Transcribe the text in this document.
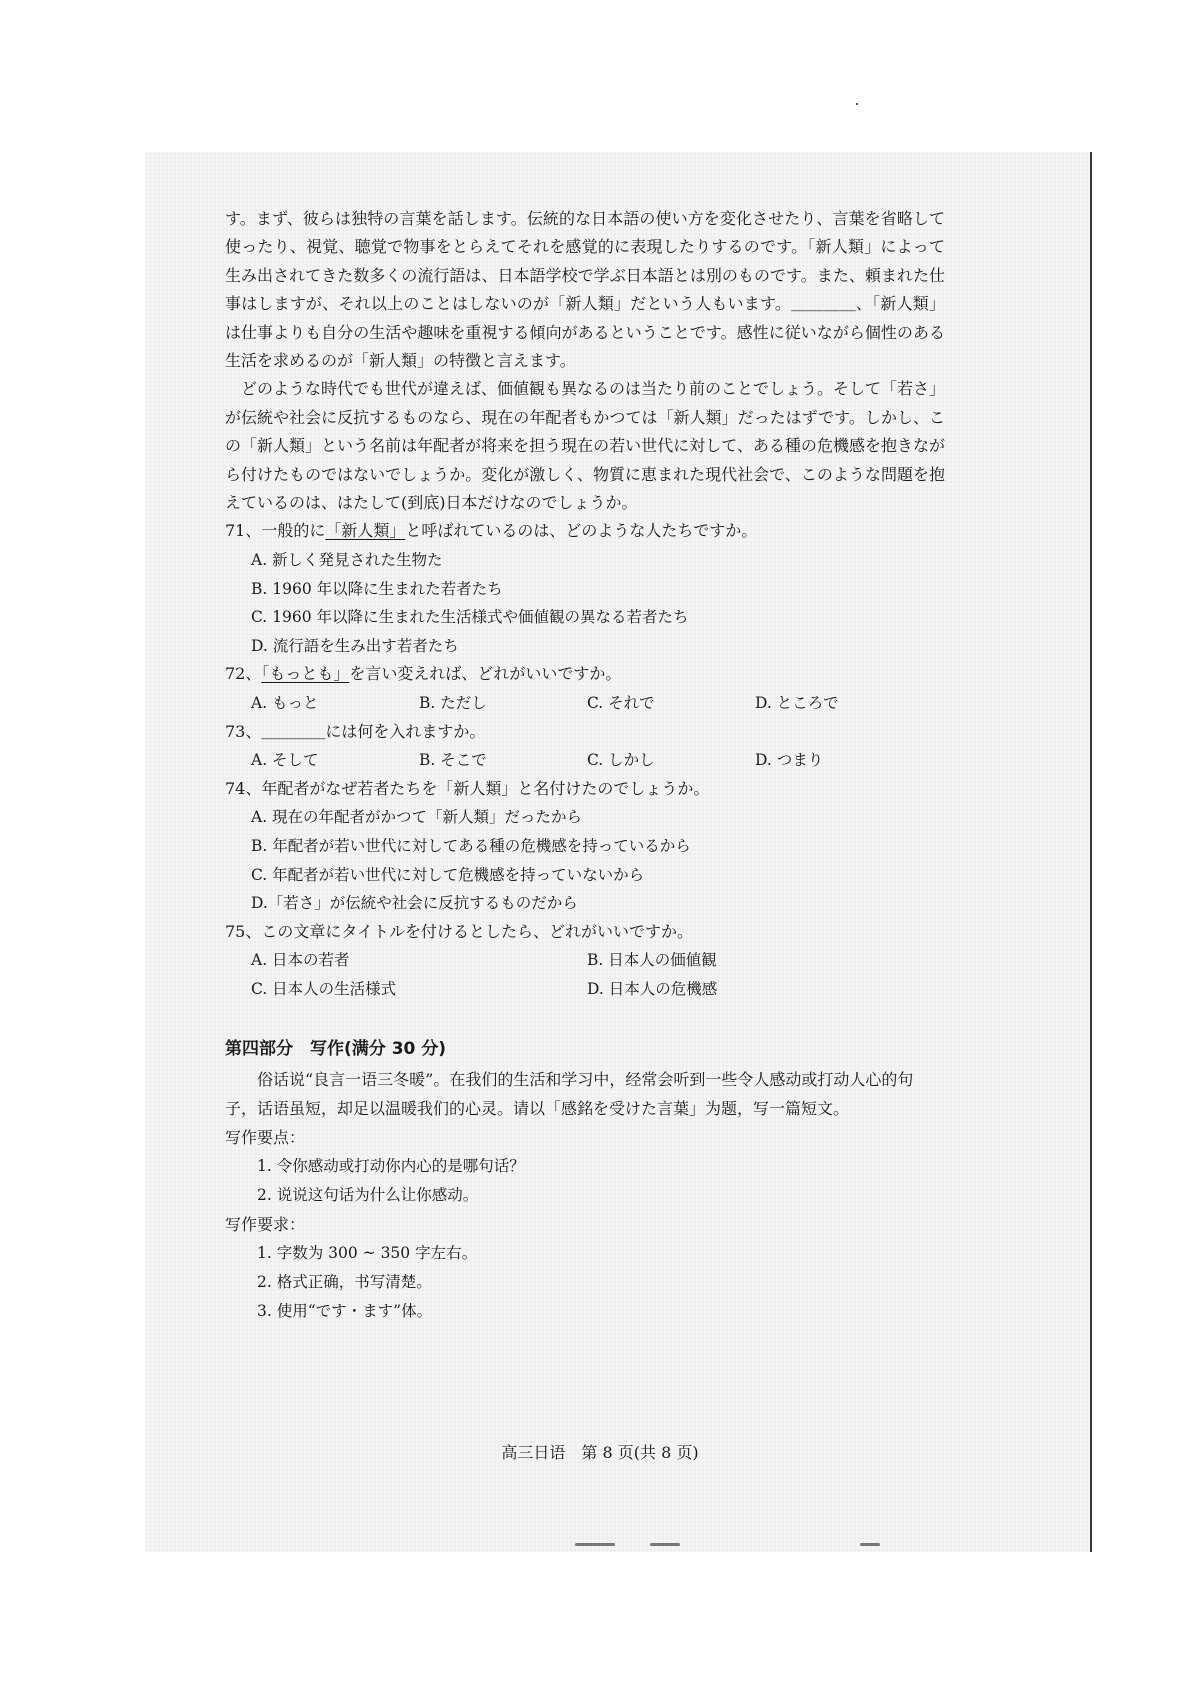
す。まず、彼らは独特の言葉を話します。伝統的な日本語の使い方を変化させたり、言葉を省略して使ったり、視覚、聴覚で物事をとらえてそれを感覚的に表現したりするのです。「新人類」によって生み出されてきた数多くの流行語は、日本語学校で学ぶ日本語とは別のものです。また、頼まれた仕事はしますが、それ以上のことはしないのが「新人類」だという人もいます。＿＿＿＿、「新人類」は仕事よりも自分の生活や趣味を重視する傾向があるということです。感性に従いながら個性のある生活を求めるのが「新人類」の特徴と言えます。

　どのような時代でも世代が違えば、価値観も異なるのは当たり前のことでしょう。そして「若さ」が伝統や社会に反抗するものなら、現在の年配者もかつては「新人類」だったはずです。しかし、この「新人類」という名前は年配者が将来を担う現在の若い世代に対して、ある種の危機感を抱きながら付けたものではないでしょうか。変化が激しく、物質に恵まれた現代社会で、このような問題を抱えているのは、はたして(到底)日本だけなのでしょうか。

71、一般的に「新人類」と呼ばれているのは、どのような人たちですか。

A. 新しく発見された生物た

B. 1960 年以降に生まれた若者たち

C. 1960 年以降に生まれた生活様式や価値観の異なる若者たち

D. 流行語を生み出す若者たち

72、「もっとも」を言い変えれば、どれがいいですか。

A. もっと	B. ただし	C. それで	D. ところで

73、＿＿＿＿には何を入れますか。

A. そして	B. そこで	C. しかし	D. つまり

74、年配者がなぜ若者たちを「新人類」と名付けたのでしょうか。

A. 現在の年配者がかつて「新人類」だったから

B. 年配者が若い世代に対してある種の危機感を持っているから

C. 年配者が若い世代に対して危機感を持っていないから

D.「若さ」が伝統や社会に反抗するものだから

75、この文章にタイトルを付けるとしたら、どれがいいですか。

A. 日本の若者	B. 日本人の価値観
C. 日本人の生活様式	D. 日本人の危機感
第四部分　写作(满分 30 分)

俗话说“良言一语三冬暖”。在我们的生活和学习中，经常会听到一些令人感动或打动人心的句子，话语虽短，却足以温暖我们的心灵。请以「感銘を受けた言葉」为题，写一篇短文。

写作要点：

1. 令你感动或打动你内心的是哪句话？

2. 说说这句话为什么让你感动。

写作要求：

1. 字数为 300 ~ 350 字左右。

2. 格式正确，书写清楚。

3. 使用“です・ます”体。

高三日语　第 8 页(共 8 页)
